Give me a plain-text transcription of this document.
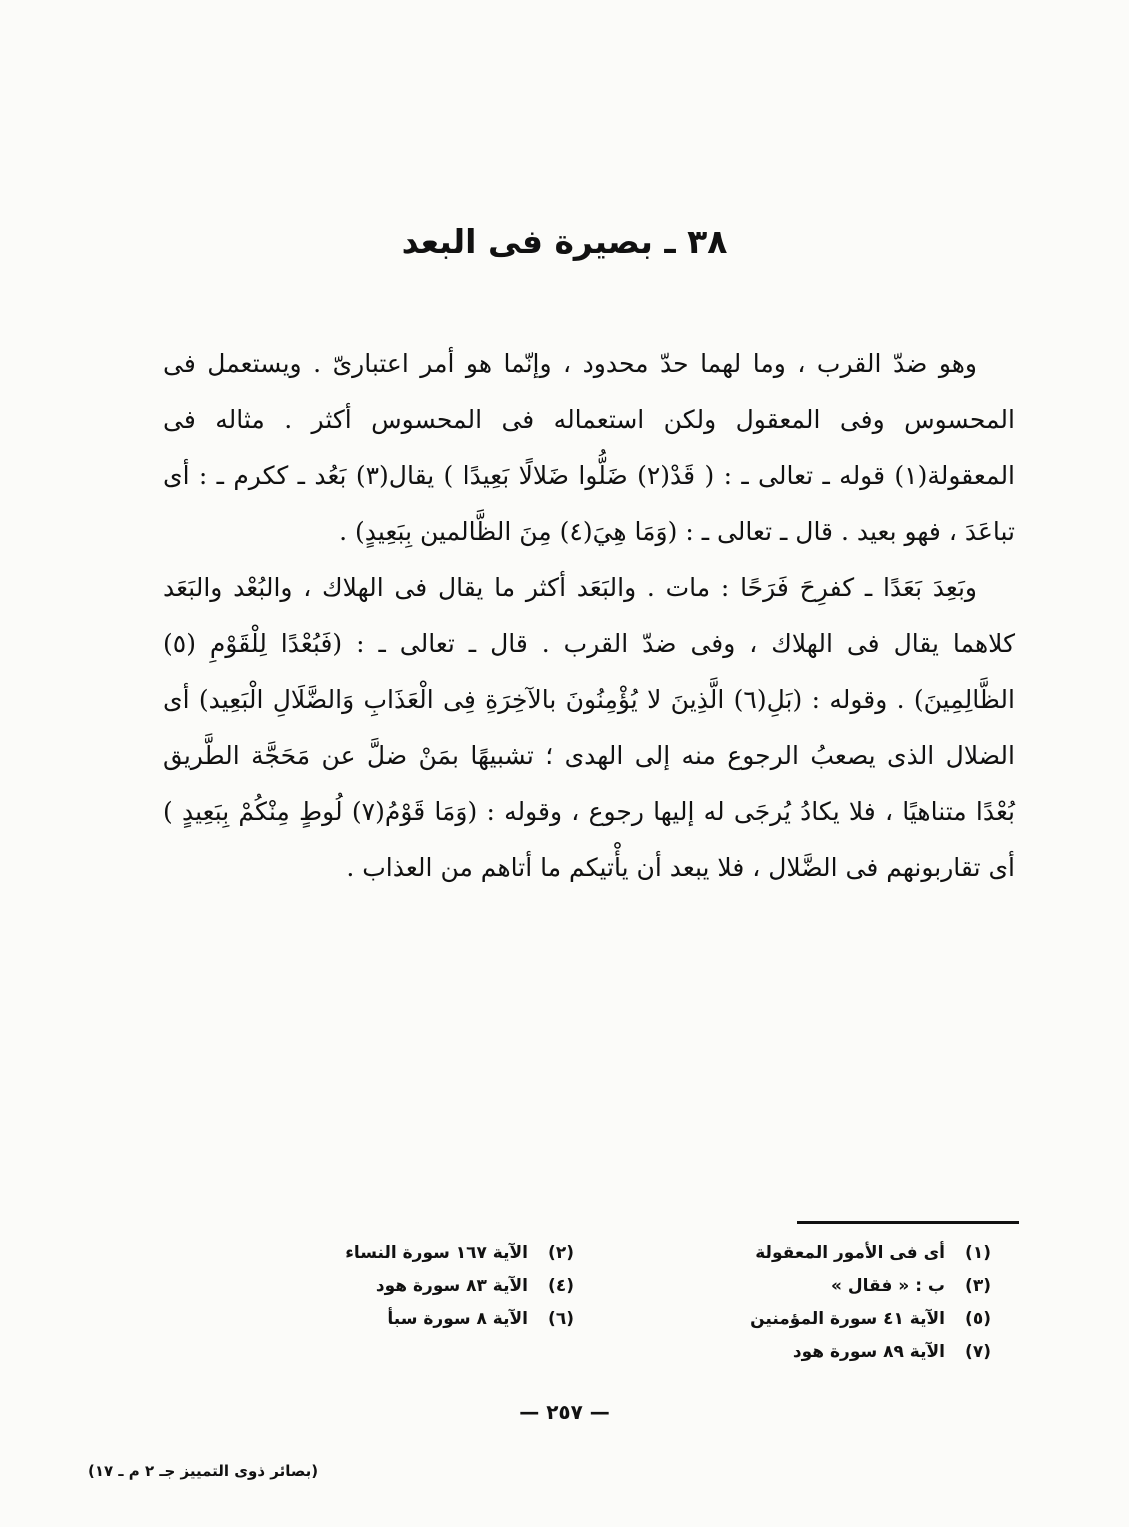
٣٨ ـ بصيرة فى البعد

وهو ضدّ القرب ، وما لهما حدّ محدود ، وإنّما هو أمر اعتبارىّ . ويستعمل فى المحسوس وفى المعقول ولكن استعماله فى المحسوس أكثر . مثاله فى المعقولة(١) قوله ـ تعالى ـ : ( قَدْ(٢) ضَلُّوا ضَلالًا بَعِيدًا ) يقال(٣) بَعُد ـ ككرم ـ : أى تباعَدَ ، فهو بعيد . قال ـ تعالى ـ : (وَمَا هِيَ(٤) مِنَ الظَّالمين بِبَعِيدٍ) .

وبَعِدَ بَعَدًا ـ كفرِحَ فَرَحًا : مات . والبَعَد أكثر ما يقال فى الهلاك ، والبُعْد والبَعَد كلاهما يقال فى الهلاك ، وفى ضدّ القرب . قال ـ تعالى ـ : (فَبُعْدًا لِلْقَوْمِ (٥) الظَّالِمِينَ) . وقوله : (بَلِ(٦) الَّذِينَ لا يُؤْمِنُونَ بالآخِرَةِ فِى الْعَذَابِ وَالضَّلَالِ الْبَعِيد) أى الضلال الذى يصعبُ الرجوع منه إلى الهدى ؛ تشبيهًا بمَنْ ضلَّ عن مَحَجَّة الطَّريق بُعْدًا متناهيًا ، فلا يكادُ يُرجَى له إليها رجوع ، وقوله : (وَمَا قَوْمُ(٧) لُوطٍ مِنْكُمْ بِبَعِيدٍ ) أى تقاربونهم فى الضَّلال ، فلا يبعد أن يأْتيكم ما أتاهم من العذاب .

(١)
أى فى الأمور المعقولة
(٣)
ب : « فقال »
(٥)
الآية ٤١ سورة المؤمنين
(٧)
الآية ٨٩ سورة هود
(٢)
الآية ١٦٧ سورة النساء
(٤)
الآية ٨٣ سورة هود
(٦)
الآية ٨ سورة سبأ
— ٢٥٧ —
(بصائر ذوى التمييز جـ ٢ م ـ ١٧)
